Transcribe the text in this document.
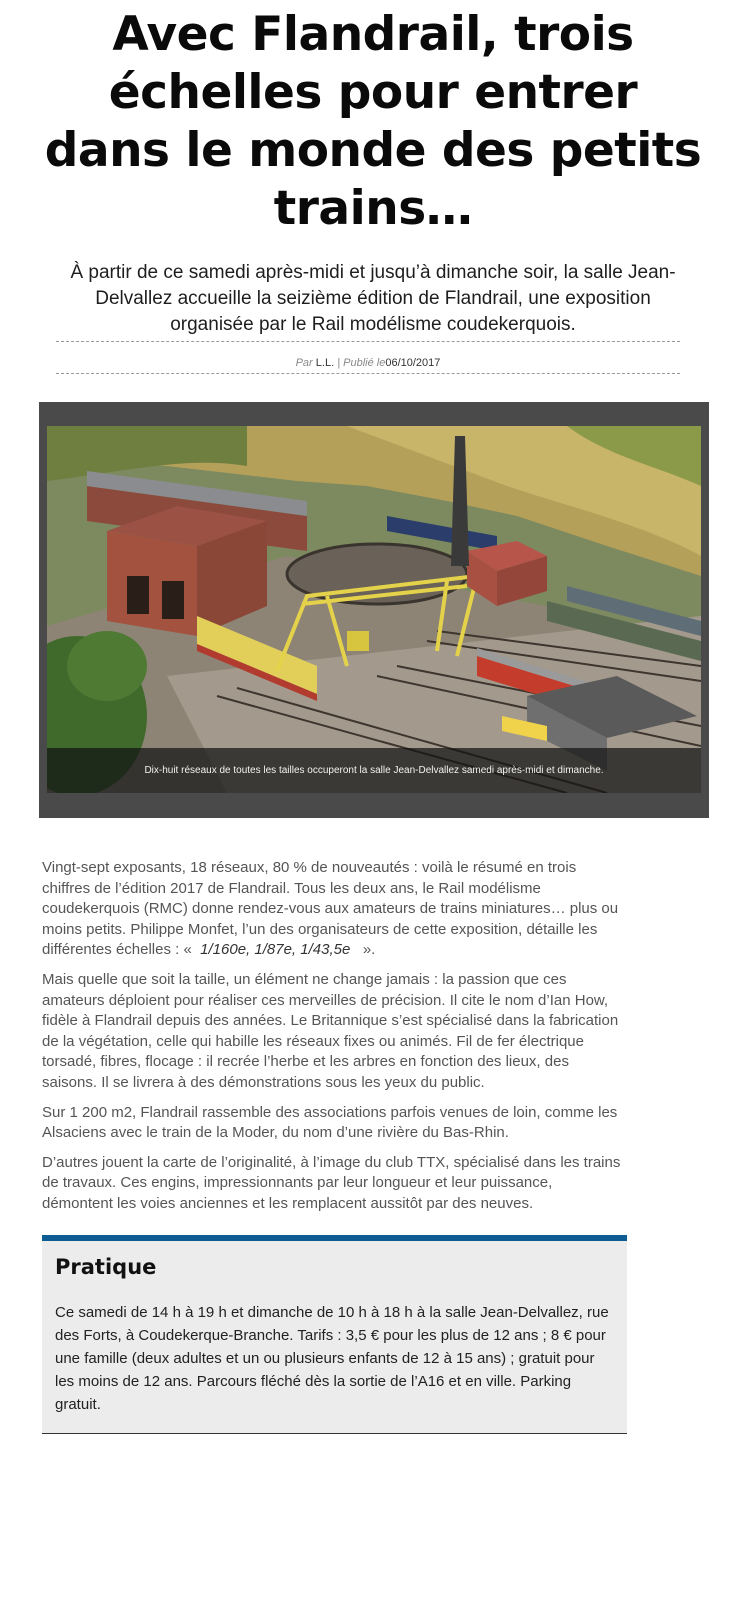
Avec Flandrail, trois échelles pour entrer dans le monde des petits trains…

À partir de ce samedi après-midi et jusqu’à dimanche soir, la salle Jean-Delvallez accueille la seizième édition de Flandrail, une exposition organisée par le Rail modélisme coudekerquois.

Par L.L. | Publié le06/10/2017
Dix-huit réseaux de toutes les tailles occuperont la salle Jean-Delvallez samedi après-midi et dimanche.

Vingt-sept exposants, 18 réseaux, 80 % de nouveautés : voilà le résumé en trois chiffres de l’édition 2017 de Flandrail. Tous les deux ans, le Rail modélisme coudekerquois (RMC) donne rendez-vous aux amateurs de trains miniatures… plus ou moins petits. Philippe Monfet, l’un des organisateurs de cette exposition, détaille les différentes échelles : « 1/160e, 1/87e, 1/43,5e ».

Mais quelle que soit la taille, un élément ne change jamais : la passion que ces amateurs déploient pour réaliser ces merveilles de précision. Il cite le nom d’Ian How, fidèle à Flandrail depuis des années. Le Britannique s’est spécialisé dans la fabrication de la végétation, celle qui habille les réseaux fixes ou animés. Fil de fer électrique torsadé, fibres, flocage : il recrée l’herbe et les arbres en fonction des lieux, des saisons. Il se livrera à des démonstrations sous les yeux du public.

Sur 1 200 m2, Flandrail rassemble des associations parfois venues de loin, comme les Alsaciens avec le train de la Moder, du nom d’une rivière du Bas-Rhin.

D’autres jouent la carte de l’originalité, à l’image du club TTX, spécialisé dans les trains de travaux. Ces engins, impressionnants par leur longueur et leur puissance, démontent les voies anciennes et les remplacent aussitôt par des neuves.

Pratique

Ce samedi de 14 h à 19 h et dimanche de 10 h à 18 h à la salle Jean-Delvallez, rue des Forts, à Coudekerque-Branche. Tarifs : 3,5 € pour les plus de 12 ans ; 8 € pour une famille (deux adultes et un ou plusieurs enfants de 12 à 15 ans) ; gratuit pour les moins de 12 ans. Parcours fléché dès la sortie de l’A16 et en ville. Parking gratuit.
